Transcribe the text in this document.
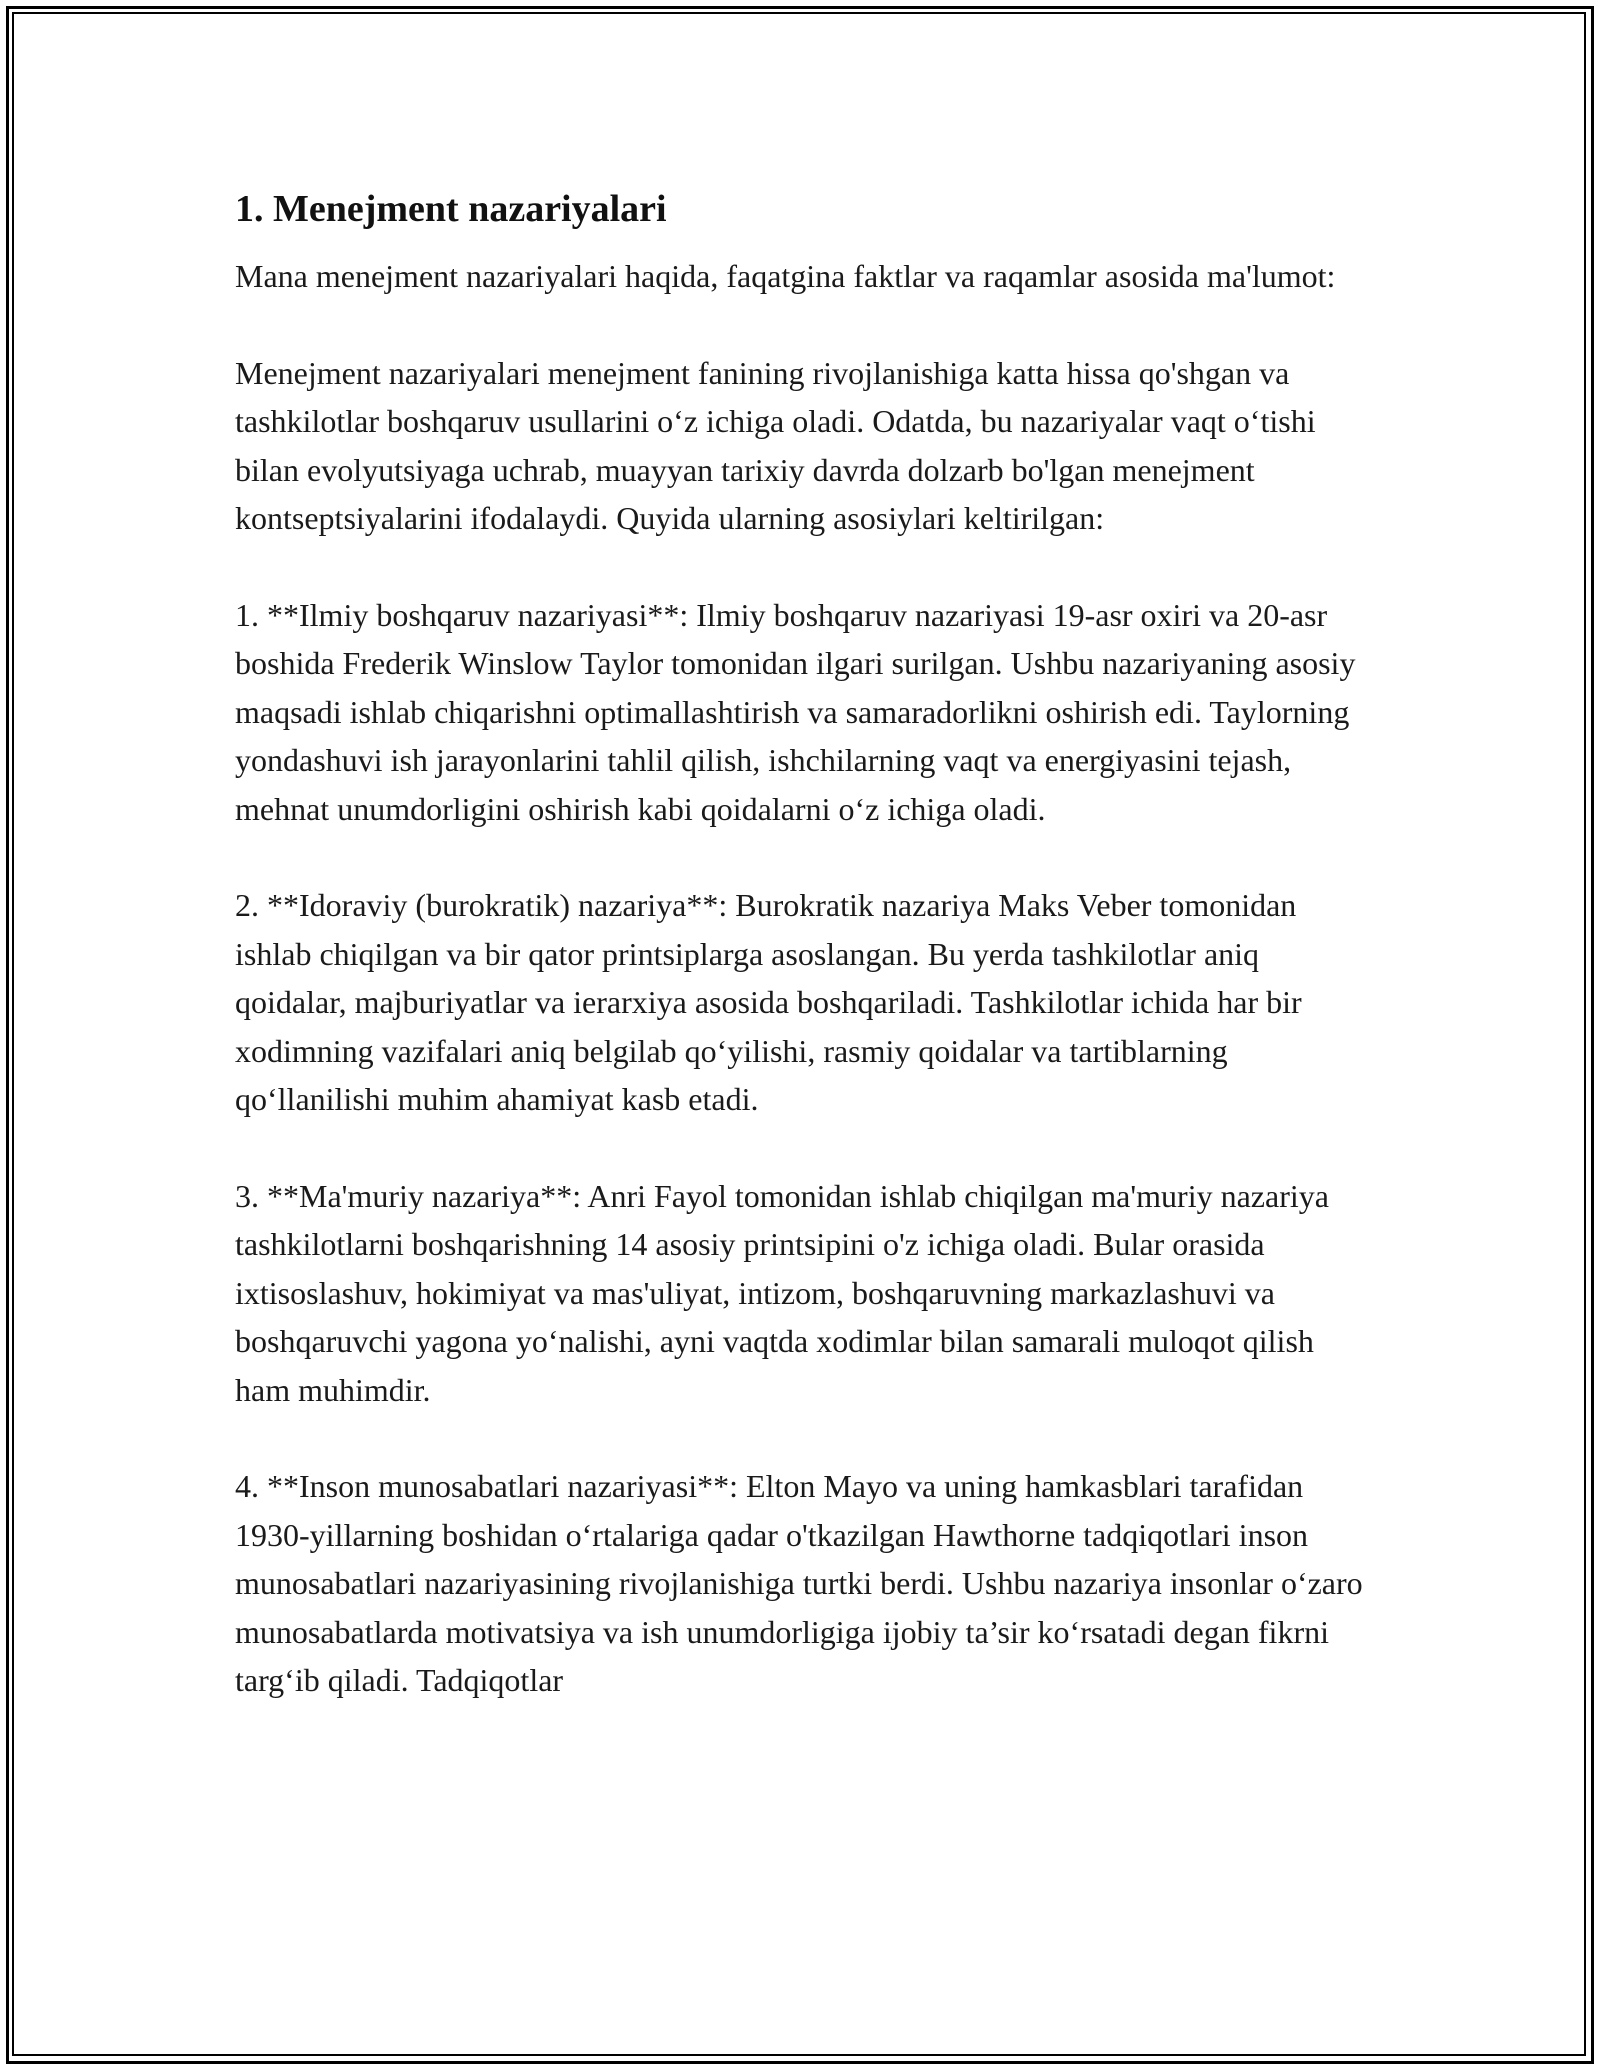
1. Menejment nazariyalari

Mana menejment nazariyalari haqida, faqatgina faktlar va raqamlar asosida ma'lumot:

Menejment nazariyalari menejment fanining rivojlanishiga katta hissa qo'shgan va tashkilotlar boshqaruv usullarini o‘z ichiga oladi. Odatda, bu nazariyalar vaqt o‘tishi bilan evolyutsiyaga uchrab, muayyan tarixiy davrda dolzarb bo'lgan menejment kontseptsiyalarini ifodalaydi. Quyida ularning asosiylari keltirilgan:

1. **Ilmiy boshqaruv nazariyasi**: Ilmiy boshqaruv nazariyasi 19-asr oxiri va 20-asr boshida Frederik Winslow Taylor tomonidan ilgari surilgan. Ushbu nazariyaning asosiy maqsadi ishlab chiqarishni optimallashtirish va samaradorlikni oshirish edi. Taylorning yondashuvi ish jarayonlarini tahlil qilish, ishchilarning vaqt va energiyasini tejash, mehnat unumdorligini oshirish kabi qoidalarni o‘z ichiga oladi.

2. **Idoraviy (burokratik) nazariya**: Burokratik nazariya Maks Veber tomonidan ishlab chiqilgan va bir qator printsiplarga asoslangan. Bu yerda tashkilotlar aniq qoidalar, majburiyatlar va ierarxiya asosida boshqariladi. Tashkilotlar ichida har bir xodimning vazifalari aniq belgilab qo‘yilishi, rasmiy qoidalar va tartiblarning qo‘llanilishi muhim ahamiyat kasb etadi.

3. **Ma'muriy nazariya**: Anri Fayol tomonidan ishlab chiqilgan ma'muriy nazariya tashkilotlarni boshqarishning 14 asosiy printsipini o'z ichiga oladi. Bular orasida ixtisoslashuv, hokimiyat va mas'uliyat, intizom, boshqaruvning markazlashuvi va boshqaruvchi yagona yo‘nalishi, ayni vaqtda xodimlar bilan samarali muloqot qilish ham muhimdir.

4. **Inson munosabatlari nazariyasi**: Elton Mayo va uning hamkasblari tarafidan 1930-yillarning boshidan o‘rtalariga qadar o'tkazilgan Hawthorne tadqiqotlari inson munosabatlari nazariyasining rivojlanishiga turtki berdi. Ushbu nazariya insonlar o‘zaro munosabatlarda motivatsiya va ish unumdorligiga ijobiy ta’sir ko‘rsatadi degan fikrni targ‘ib qiladi. Tadqiqotlar
